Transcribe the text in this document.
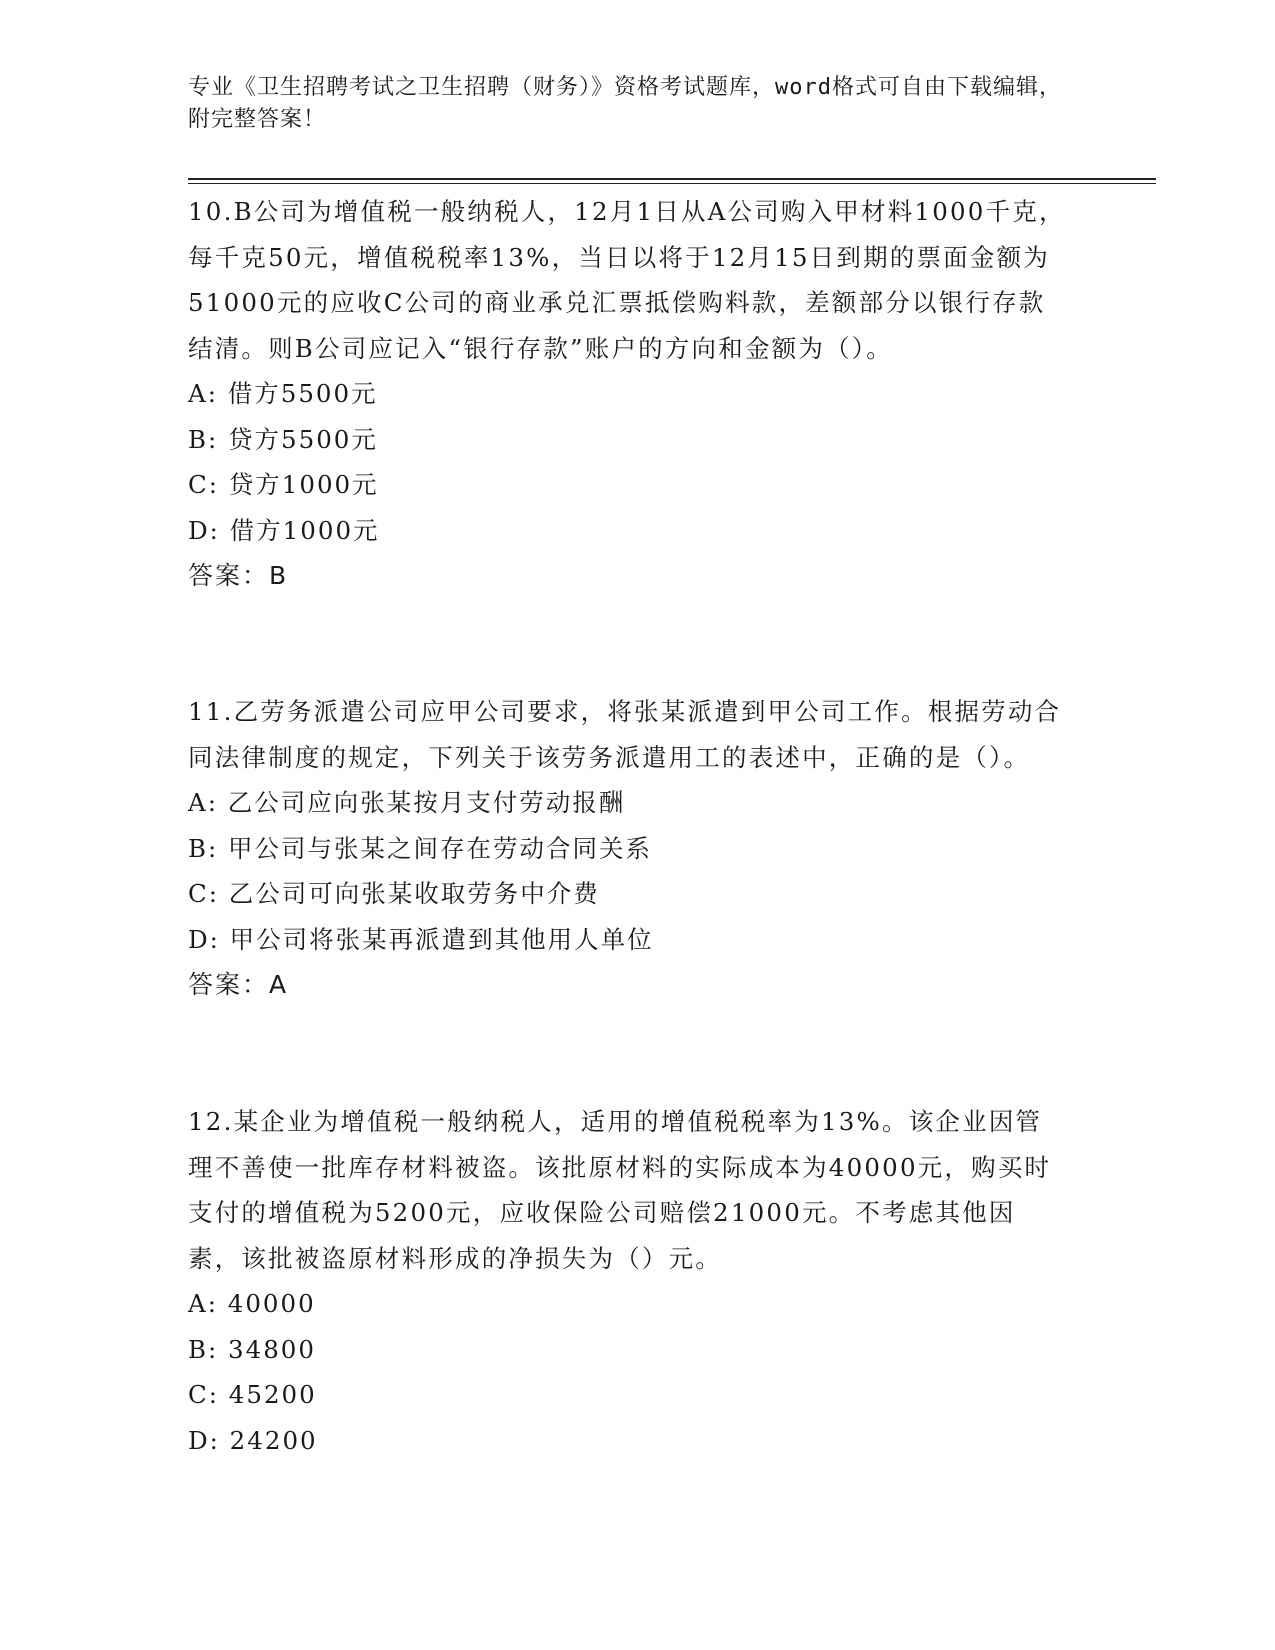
专业《卫生招聘考试之卫生招聘（财务）》资格考试题库，word格式可自由下载编辑，附完整答案！

10.B公司为增值税一般纳税人，12月1日从A公司购入甲材料1000千克，每千克50元，增值税税率13%，当日以将于12月15日到期的票面金额为51000元的应收C公司的商业承兑汇票抵偿购料款，差额部分以银行存款结清。则B公司应记入“银行存款”账户的方向和金额为（）。

A: 借方5500元

B: 贷方5500元

C: 贷方1000元

D: 借方1000元

答案：B

11.乙劳务派遣公司应甲公司要求，将张某派遣到甲公司工作。根据劳动合同法律制度的规定，下列关于该劳务派遣用工的表述中，正确的是（）。

A: 乙公司应向张某按月支付劳动报酬

B: 甲公司与张某之间存在劳动合同关系

C: 乙公司可向张某收取劳务中介费

D: 甲公司将张某再派遣到其他用人单位

答案：A

12.某企业为增值税一般纳税人，适用的增值税税率为13%。该企业因管理不善使一批库存材料被盗。该批原材料的实际成本为40000元，购买时支付的增值税为5200元，应收保险公司赔偿21000元。不考虑其他因素，该批被盗原材料形成的净损失为（）元。

A: 40000

B: 34800

C: 45200

D: 24200
